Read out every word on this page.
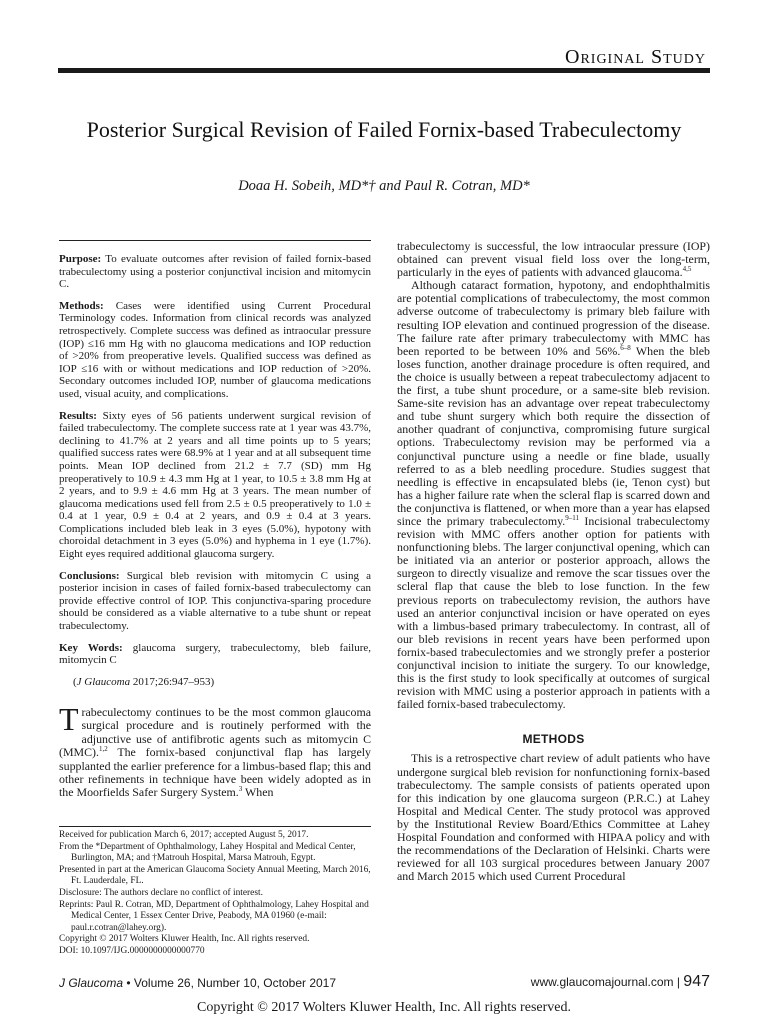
Original Study
Posterior Surgical Revision of Failed Fornix-based Trabeculectomy
Doaa H. Sobeih, MD*† and Paul R. Cotran, MD*

Purpose: To evaluate outcomes after revision of failed fornix-based trabeculectomy using a posterior conjunctival incision and mitomycin C.

Methods: Cases were identified using Current Procedural Terminology codes. Information from clinical records was analyzed retrospectively. Complete success was defined as intraocular pressure (IOP) ≤16 mm Hg with no glaucoma medications and IOP reduction of >20% from preoperative levels. Qualified success was defined as IOP ≤16 with or without medications and IOP reduction of >20%. Secondary outcomes included IOP, number of glaucoma medications used, visual acuity, and complications.

Results: Sixty eyes of 56 patients underwent surgical revision of failed trabeculectomy. The complete success rate at 1 year was 43.7%, declining to 41.7% at 2 years and all time points up to 5 years; qualified success rates were 68.9% at 1 year and at all subsequent time points. Mean IOP declined from 21.2 ± 7.7 (SD) mm Hg preoperatively to 10.9 ± 4.3 mm Hg at 1 year, to 10.5 ± 3.8 mm Hg at 2 years, and to 9.9 ± 4.6 mm Hg at 3 years. The mean number of glaucoma medications used fell from 2.5 ± 0.5 preoperatively to 1.0 ± 0.4 at 1 year, 0.9 ± 0.4 at 2 years, and 0.9 ± 0.4 at 3 years. Complications included bleb leak in 3 eyes (5.0%), hypotony with choroidal detachment in 3 eyes (5.0%) and hyphema in 1 eye (1.7%). Eight eyes required additional glaucoma surgery.

Conclusions: Surgical bleb revision with mitomycin C using a posterior incision in cases of failed fornix-based trabeculectomy can provide effective control of IOP. This conjunctiva-sparing procedure should be considered as a viable alternative to a tube shunt or repeat trabeculectomy.

Key Words: glaucoma surgery, trabeculectomy, bleb failure, mitomycin C

(J Glaucoma 2017;26:947–953)
Trabeculectomy continues to be the most common glaucoma surgical procedure and is routinely performed with the adjunctive use of antifibrotic agents such as mitomycin C (MMC).$^{1,2}$ The fornix-based conjunctival flap has largely supplanted the earlier preference for a limbus-based flap; this and other refinements in technique have been widely adopted as in the Moorfields Safer Surgery System.$^3$ When
Received for publication March 6, 2017; accepted August 5, 2017.
From the *Department of Ophthalmology, Lahey Hospital and Medical Center, Burlington, MA; and †Matrouh Hospital, Marsa Matrouh, Egypt.
Presented in part at the American Glaucoma Society Annual Meeting, March 2016, Ft. Lauderdale, FL.
Disclosure: The authors declare no conflict of interest.
Reprints: Paul R. Cotran, MD, Department of Ophthalmology, Lahey Hospital and Medical Center, 1 Essex Center Drive, Peabody, MA 01960 (e-mail: paul.r.cotran@lahey.org).
Copyright © 2017 Wolters Kluwer Health, Inc. All rights reserved.
DOI: 10.1097/IJG.0000000000000770

trabeculectomy is successful, the low intraocular pressure (IOP) obtained can prevent visual field loss over the long-term, particularly in the eyes of patients with advanced glaucoma.$^{4,5}$

Although cataract formation, hypotony, and endophthalmitis are potential complications of trabeculectomy, the most common adverse outcome of trabeculectomy is primary bleb failure with resulting IOP elevation and continued progression of the disease. The failure rate after primary trabeculectomy with MMC has been reported to be between 10% and 56%.$^{6-8}$ When the bleb loses function, another drainage procedure is often required, and the choice is usually between a repeat trabeculectomy adjacent to the first, a tube shunt procedure, or a same-site bleb revision. Same-site revision has an advantage over repeat trabeculectomy and tube shunt surgery which both require the dissection of another quadrant of conjunctiva, compromising future surgical options. Trabeculectomy revision may be performed via a conjunctival puncture using a needle or fine blade, usually referred to as a bleb needling procedure. Studies suggest that needling is effective in encapsulated blebs (ie, Tenon cyst) but has a higher failure rate when the scleral flap is scarred down and the conjunctiva is flattened, or when more than a year has elapsed since the primary trabeculectomy.$^{9-11}$ Incisional trabeculectomy revision with MMC offers another option for patients with nonfunctioning blebs. The larger conjunctival opening, which can be initiated via an anterior or posterior approach, allows the surgeon to directly visualize and remove the scar tissues over the scleral flap that cause the bleb to lose function. In the few previous reports on trabeculectomy revision, the authors have used an anterior conjunctival incision or have operated on eyes with a limbus-based primary trabeculectomy. In contrast, all of our bleb revisions in recent years have been performed upon fornix-based trabeculectomies and we strongly prefer a posterior conjunctival incision to initiate the surgery. To our knowledge, this is the first study to look specifically at outcomes of surgical revision with MMC using a posterior approach in patients with a failed fornix-based trabeculectomy.

METHODS

This is a retrospective chart review of adult patients who have undergone surgical bleb revision for nonfunctioning fornix-based trabeculectomy. The sample consists of patients operated upon for this indication by one glaucoma surgeon (P.R.C.) at Lahey Hospital and Medical Center. The study protocol was approved by the Institutional Review Board/Ethics Committee at Lahey Hospital Foundation and conformed with HIPAA policy and with the recommendations of the Declaration of Helsinki. Charts were reviewed for all 103 surgical procedures between January 2007 and March 2015 which used Current Procedural

J Glaucoma • Volume 26, Number 10, October 2017	www.glaucomajournal.com | 947
Copyright © 2017 Wolters Kluwer Health, Inc. All rights reserved.
